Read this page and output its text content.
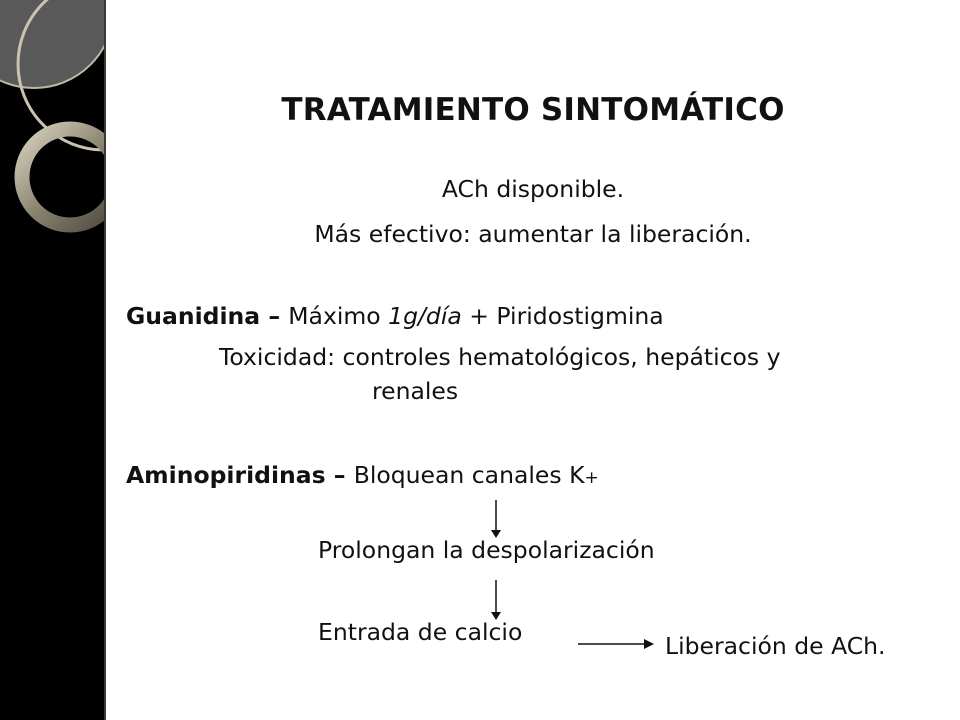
TRATAMIENTO SINTOMÁTICO
ACh disponible.
Más efectivo: aumentar la liberación.
Guanidina – Máximo 1g/día + Piridostigmina
Toxicidad: controles hematológicos, hepáticos y
renales
Aminopiridinas – Bloquean canales K+
Prolongan la despolarización
Entrada de calcio	Liberación de ACh.
